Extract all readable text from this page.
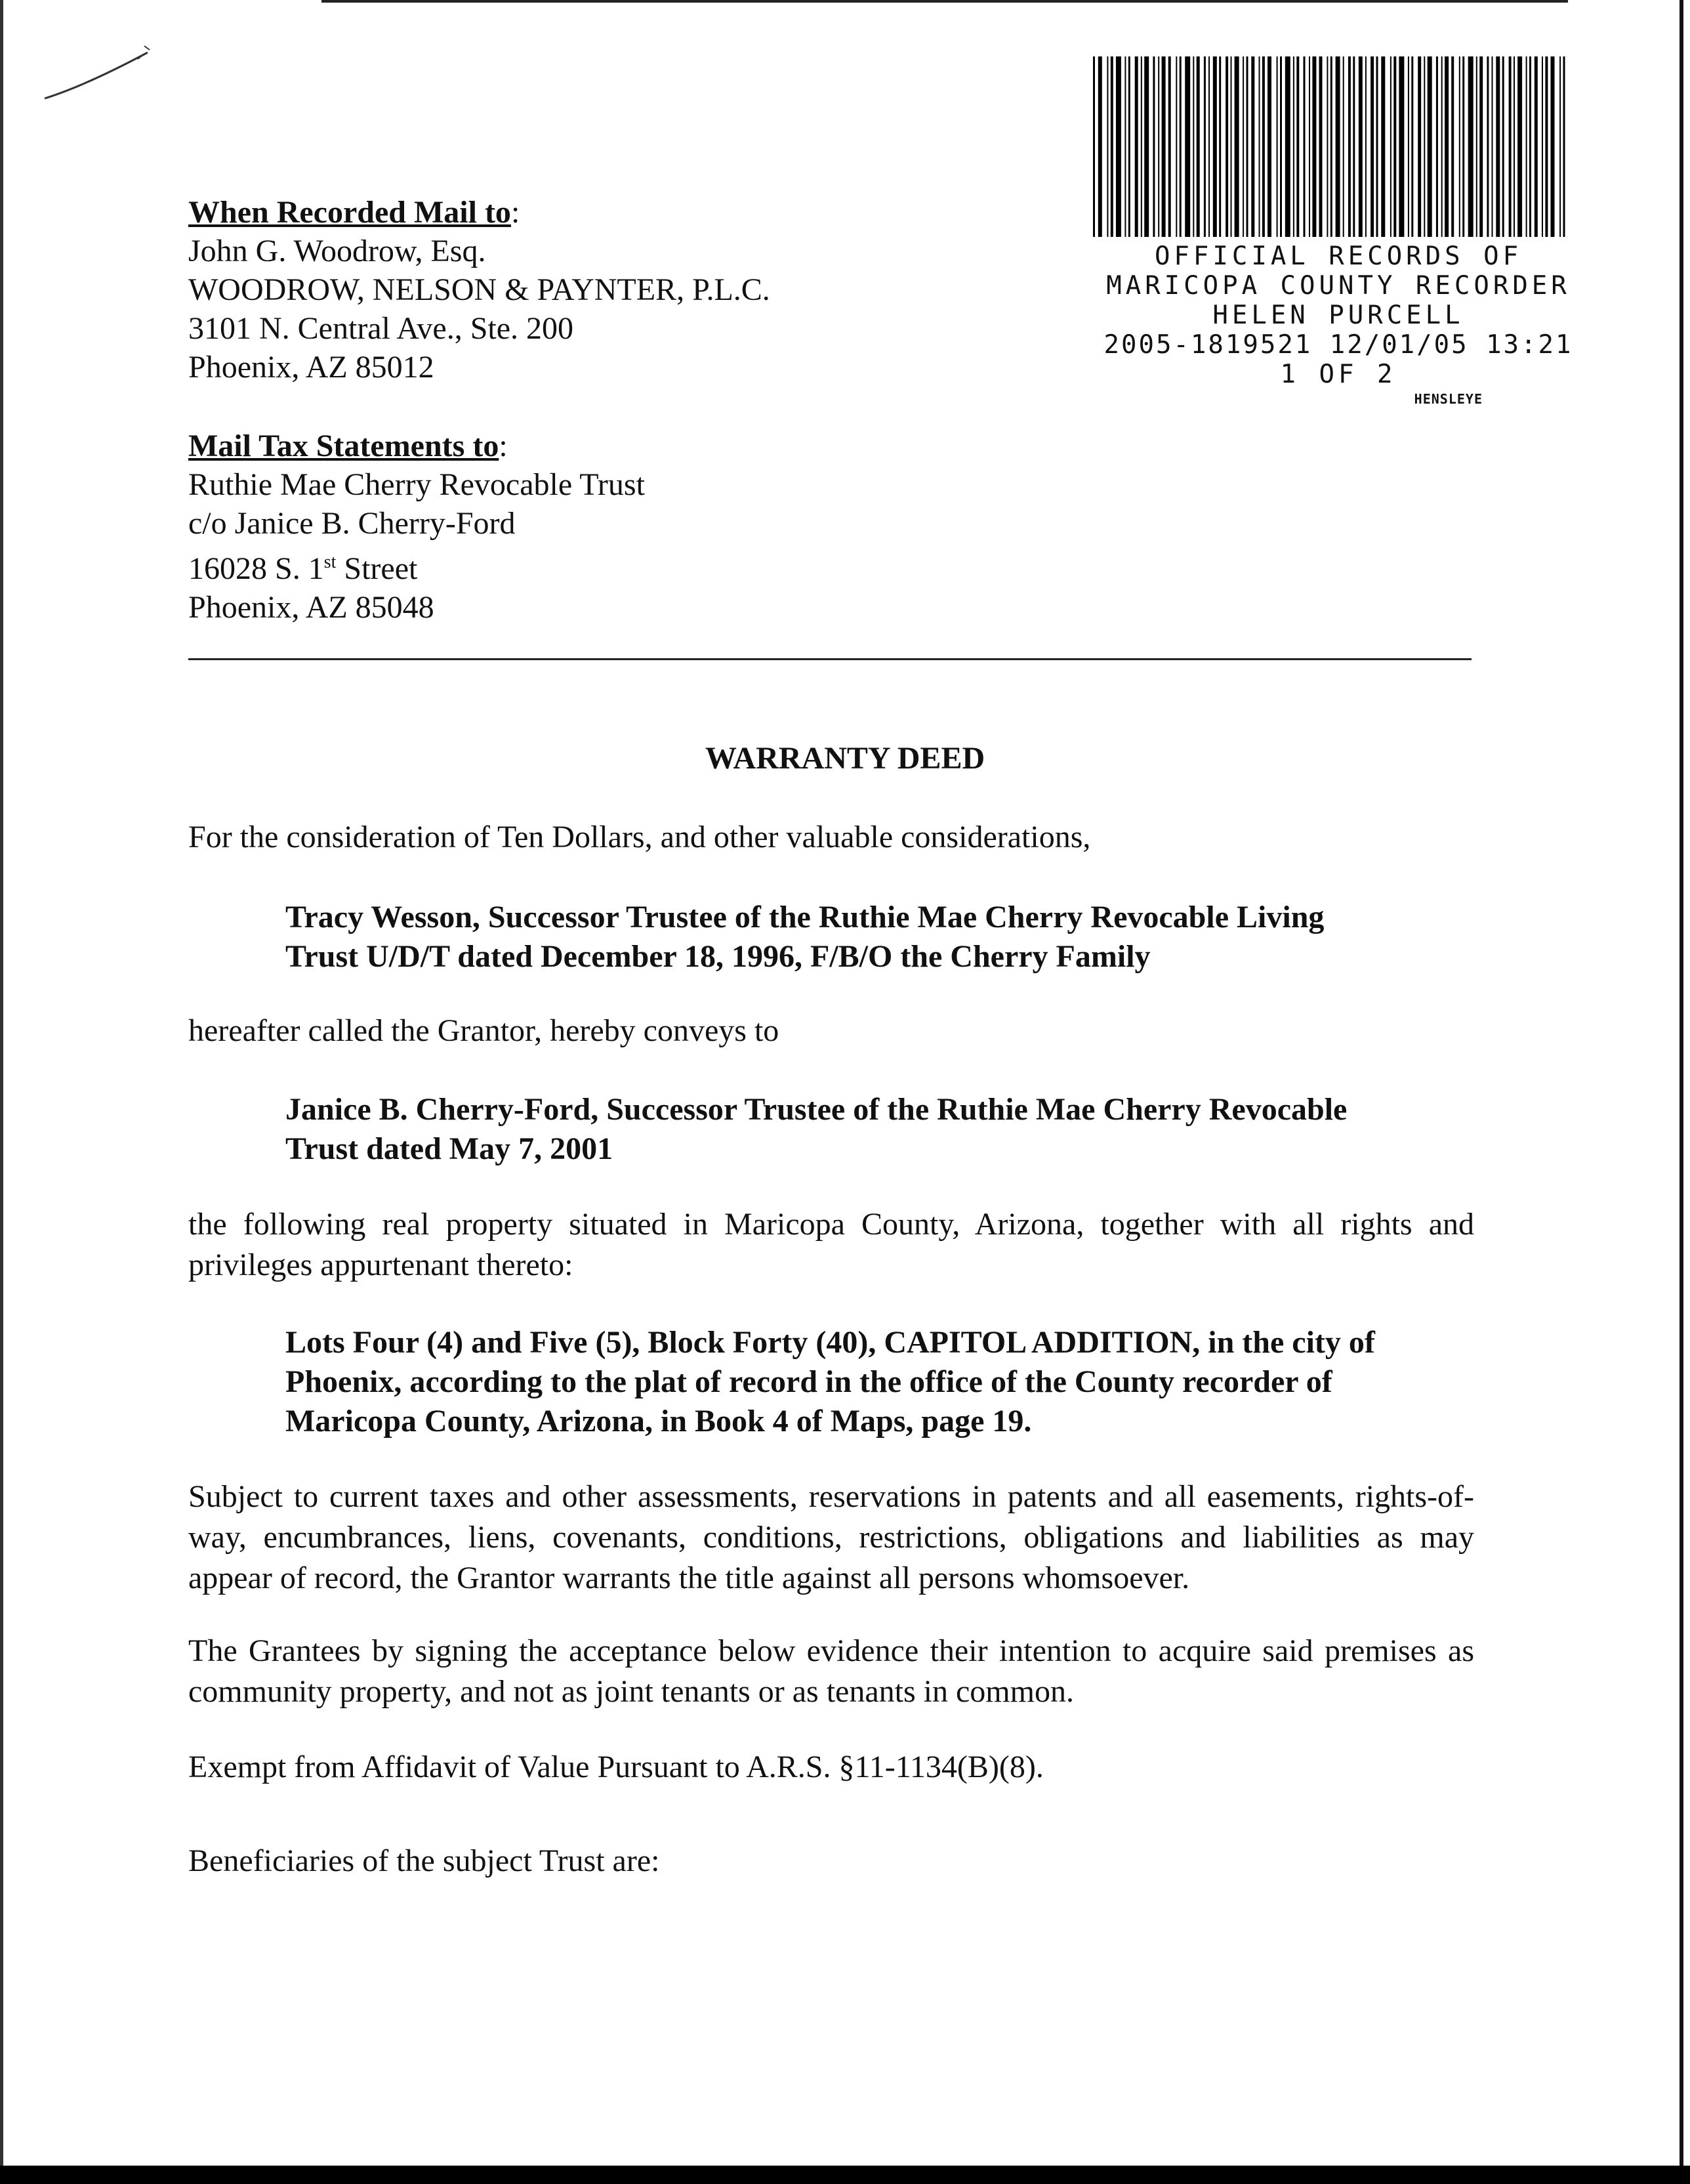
When Recorded Mail to:
John G. Woodrow, Esq.
WOODROW, NELSON & PAYNTER, P.L.C.
3101 N. Central Ave., Ste. 200
Phoenix, AZ 85012
Mail Tax Statements to:
Ruthie Mae Cherry Revocable Trust
c/o Janice B. Cherry-Ford
16028 S. 1st Street
Phoenix, AZ 85048
OFFICIAL RECORDS OF
MARICOPA COUNTY RECORDER
HELEN PURCELL
2005-1819521 12/01/05 13:21
1 OF 2
HENSLEYE
WARRANTY DEED
For the consideration of Ten Dollars, and other valuable considerations,
Tracy Wesson, Successor Trustee of the Ruthie Mae Cherry Revocable Living Trust U/D/T dated December 18, 1996, F/B/O the Cherry Family
hereafter called the Grantor, hereby conveys to
Janice B. Cherry-Ford, Successor Trustee of the Ruthie Mae Cherry Revocable Trust dated May 7, 2001
the following real property situated in Maricopa County, Arizona, together with all rights and privileges appurtenant thereto:
Lots Four (4) and Five (5), Block Forty (40), CAPITOL ADDITION, in the city of Phoenix, according to the plat of record in the office of the County recorder of Maricopa County, Arizona, in Book 4 of Maps, page 19.
Subject to current taxes and other assessments, reservations in patents and all easements, rights-of-way, encumbrances, liens, covenants, conditions, restrictions, obligations and liabilities as may appear of record, the Grantor warrants the title against all persons whomsoever.
The Grantees by signing the acceptance below evidence their intention to acquire said premises as community property, and not as joint tenants or as tenants in common.
Exempt from Affidavit of Value Pursuant to A.R.S. §11-1134(B)(8).
Beneficiaries of the subject Trust are:
